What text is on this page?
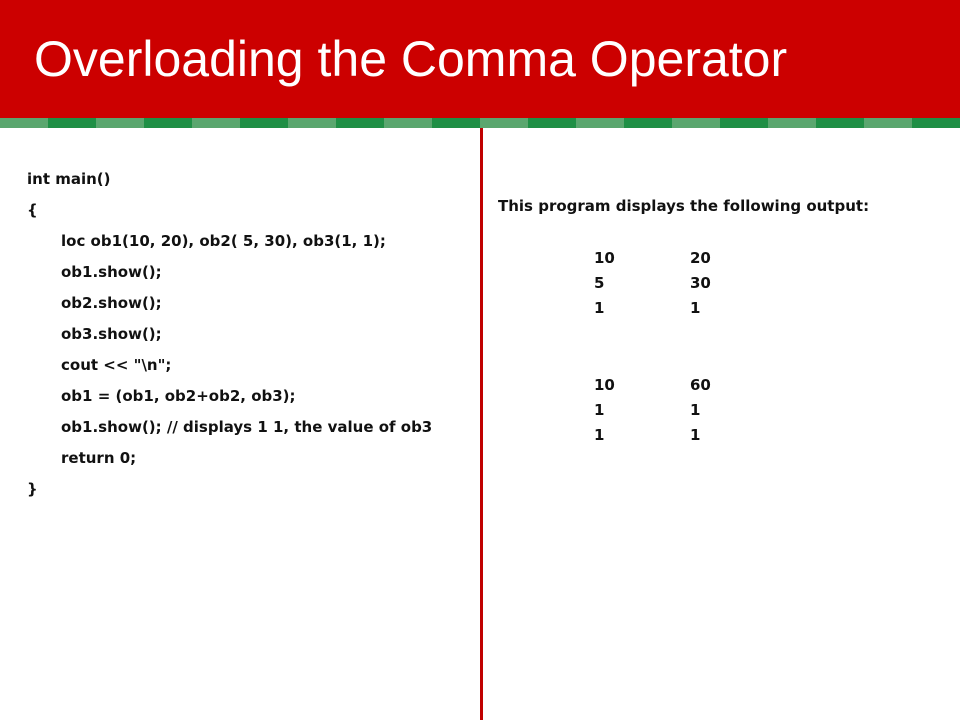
Overloading the Comma Operator
int main()
{
loc ob1(10, 20), ob2( 5, 30), ob3(1, 1);
ob1.show();
ob2.show();
ob3.show();
cout << "\n";
ob1 = (ob1, ob2+ob2, ob3);
ob1.show(); // displays 1 1, the value of ob3
return 0;
}
This program displays the following output:
10	20
5	30
1	1
10	60
1	1
1	1
